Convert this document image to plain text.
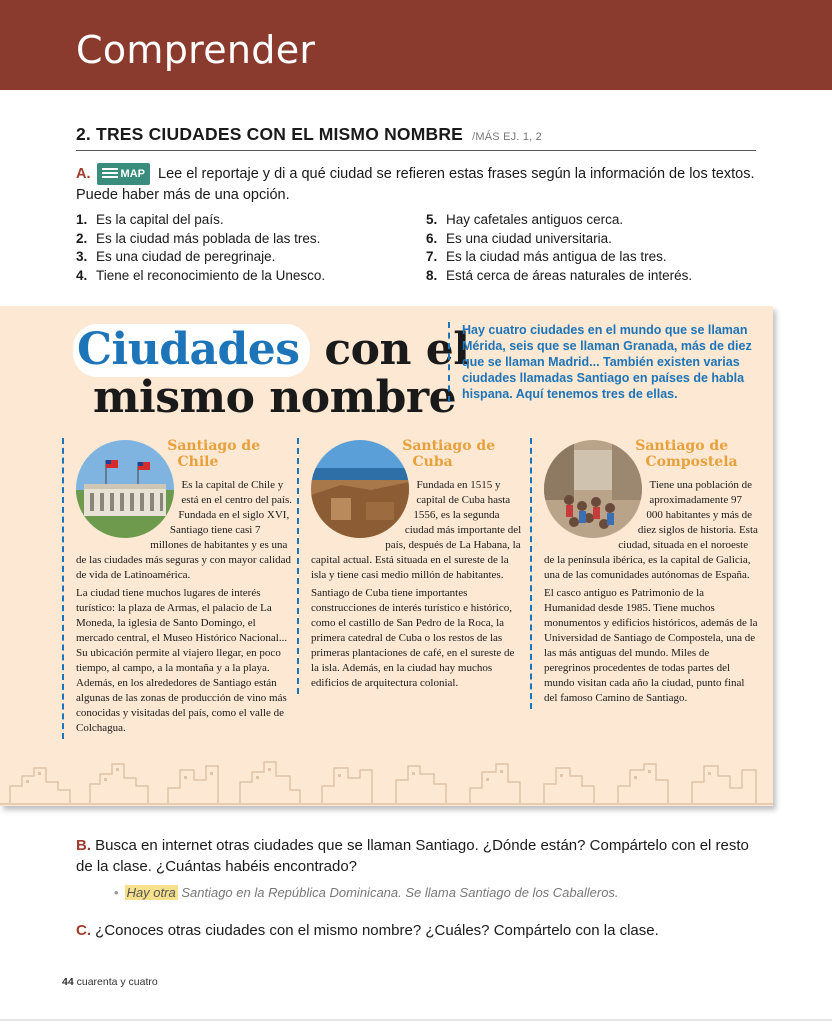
Comprender
2. TRES CIUDADES CON EL MISMO NOMBRE /MÁS EJ. 1, 2
A.	MAP Lee el reportaje y di a qué ciudad se refieren estas frases según la información de los textos. Puede haber más de una opción.
1. Es la capital del país.
2. Es la ciudad más poblada de las tres.
3. Es una ciudad de peregrinaje.
4. Tiene el reconocimiento de la Unesco.
5. Hay cafetales antiguos cerca.
6. Es una ciudad universitaria.
7. Es la ciudad más antigua de las tres.
8. Está cerca de áreas naturales de interés.
Ciudades con el
mismo nombre
Hay cuatro ciudades en el mundo que se llaman Mérida, seis que se llaman Granada, más de diez que se llaman Madrid... También existen varias ciudades llamadas Santiago en países de habla hispana. Aquí tenemos tres de ellas.

Santiago de Chile

Es la capital de Chile y está en el centro del país. Fundada en el siglo XVI, Santiago tiene casi 7 millones de habitantes y es una de las ciudades más seguras y con mayor calidad de vida de Latinoamérica.

La ciudad tiene muchos lugares de interés turístico: la plaza de Armas, el palacio de La Moneda, la iglesia de Santo Domingo, el mercado central, el Museo Histórico Nacional... Su ubicación permite al viajero llegar, en poco tiempo, al campo, a la montaña y a la playa. Además, en los alrededores de Santiago están algunas de las zonas de producción de vino más conocidas y visitadas del país, como el valle de Colchagua.

Santiago de Cuba

Fundada en 1515 y capital de Cuba hasta 1556, es la segunda ciudad más importante del país, después de La Habana, la capital actual. Está situada en el sureste de la isla y tiene casi medio millón de habitantes.

Santiago de Cuba tiene importantes construcciones de interés turístico e histórico, como el castillo de San Pedro de la Roca, la primera catedral de Cuba o los restos de las primeras plantaciones de café, en el sureste de la isla. Además, en la ciudad hay muchos edificios de arquitectura colonial.

Santiago de Compostela

Tiene una población de aproximadamente 97 000 habitantes y más de diez siglos de historia. Esta ciudad, situada en el noroeste de la península ibérica, es la capital de Galicia, una de las comunidades autónomas de España.

El casco antiguo es Patrimonio de la Humanidad desde 1985. Tiene muchos monumentos y edificios históricos, además de la Universidad de Santiago de Compostela, una de las más antiguas del mundo. Miles de peregrinos procedentes de todas partes del mundo visitan cada año la ciudad, punto final del famoso Camino de Santiago.

B. Busca en internet otras ciudades que se llaman Santiago. ¿Dónde están? Compártelo con el resto de la clase. ¿Cuántas habéis encontrado?
• Hay otra Santiago en la República Dominicana. Se llama Santiago de los Caballeros.
C. ¿Conoces otras ciudades con el mismo nombre? ¿Cuáles? Compártelo con la clase.
44 cuarenta y cuatro
